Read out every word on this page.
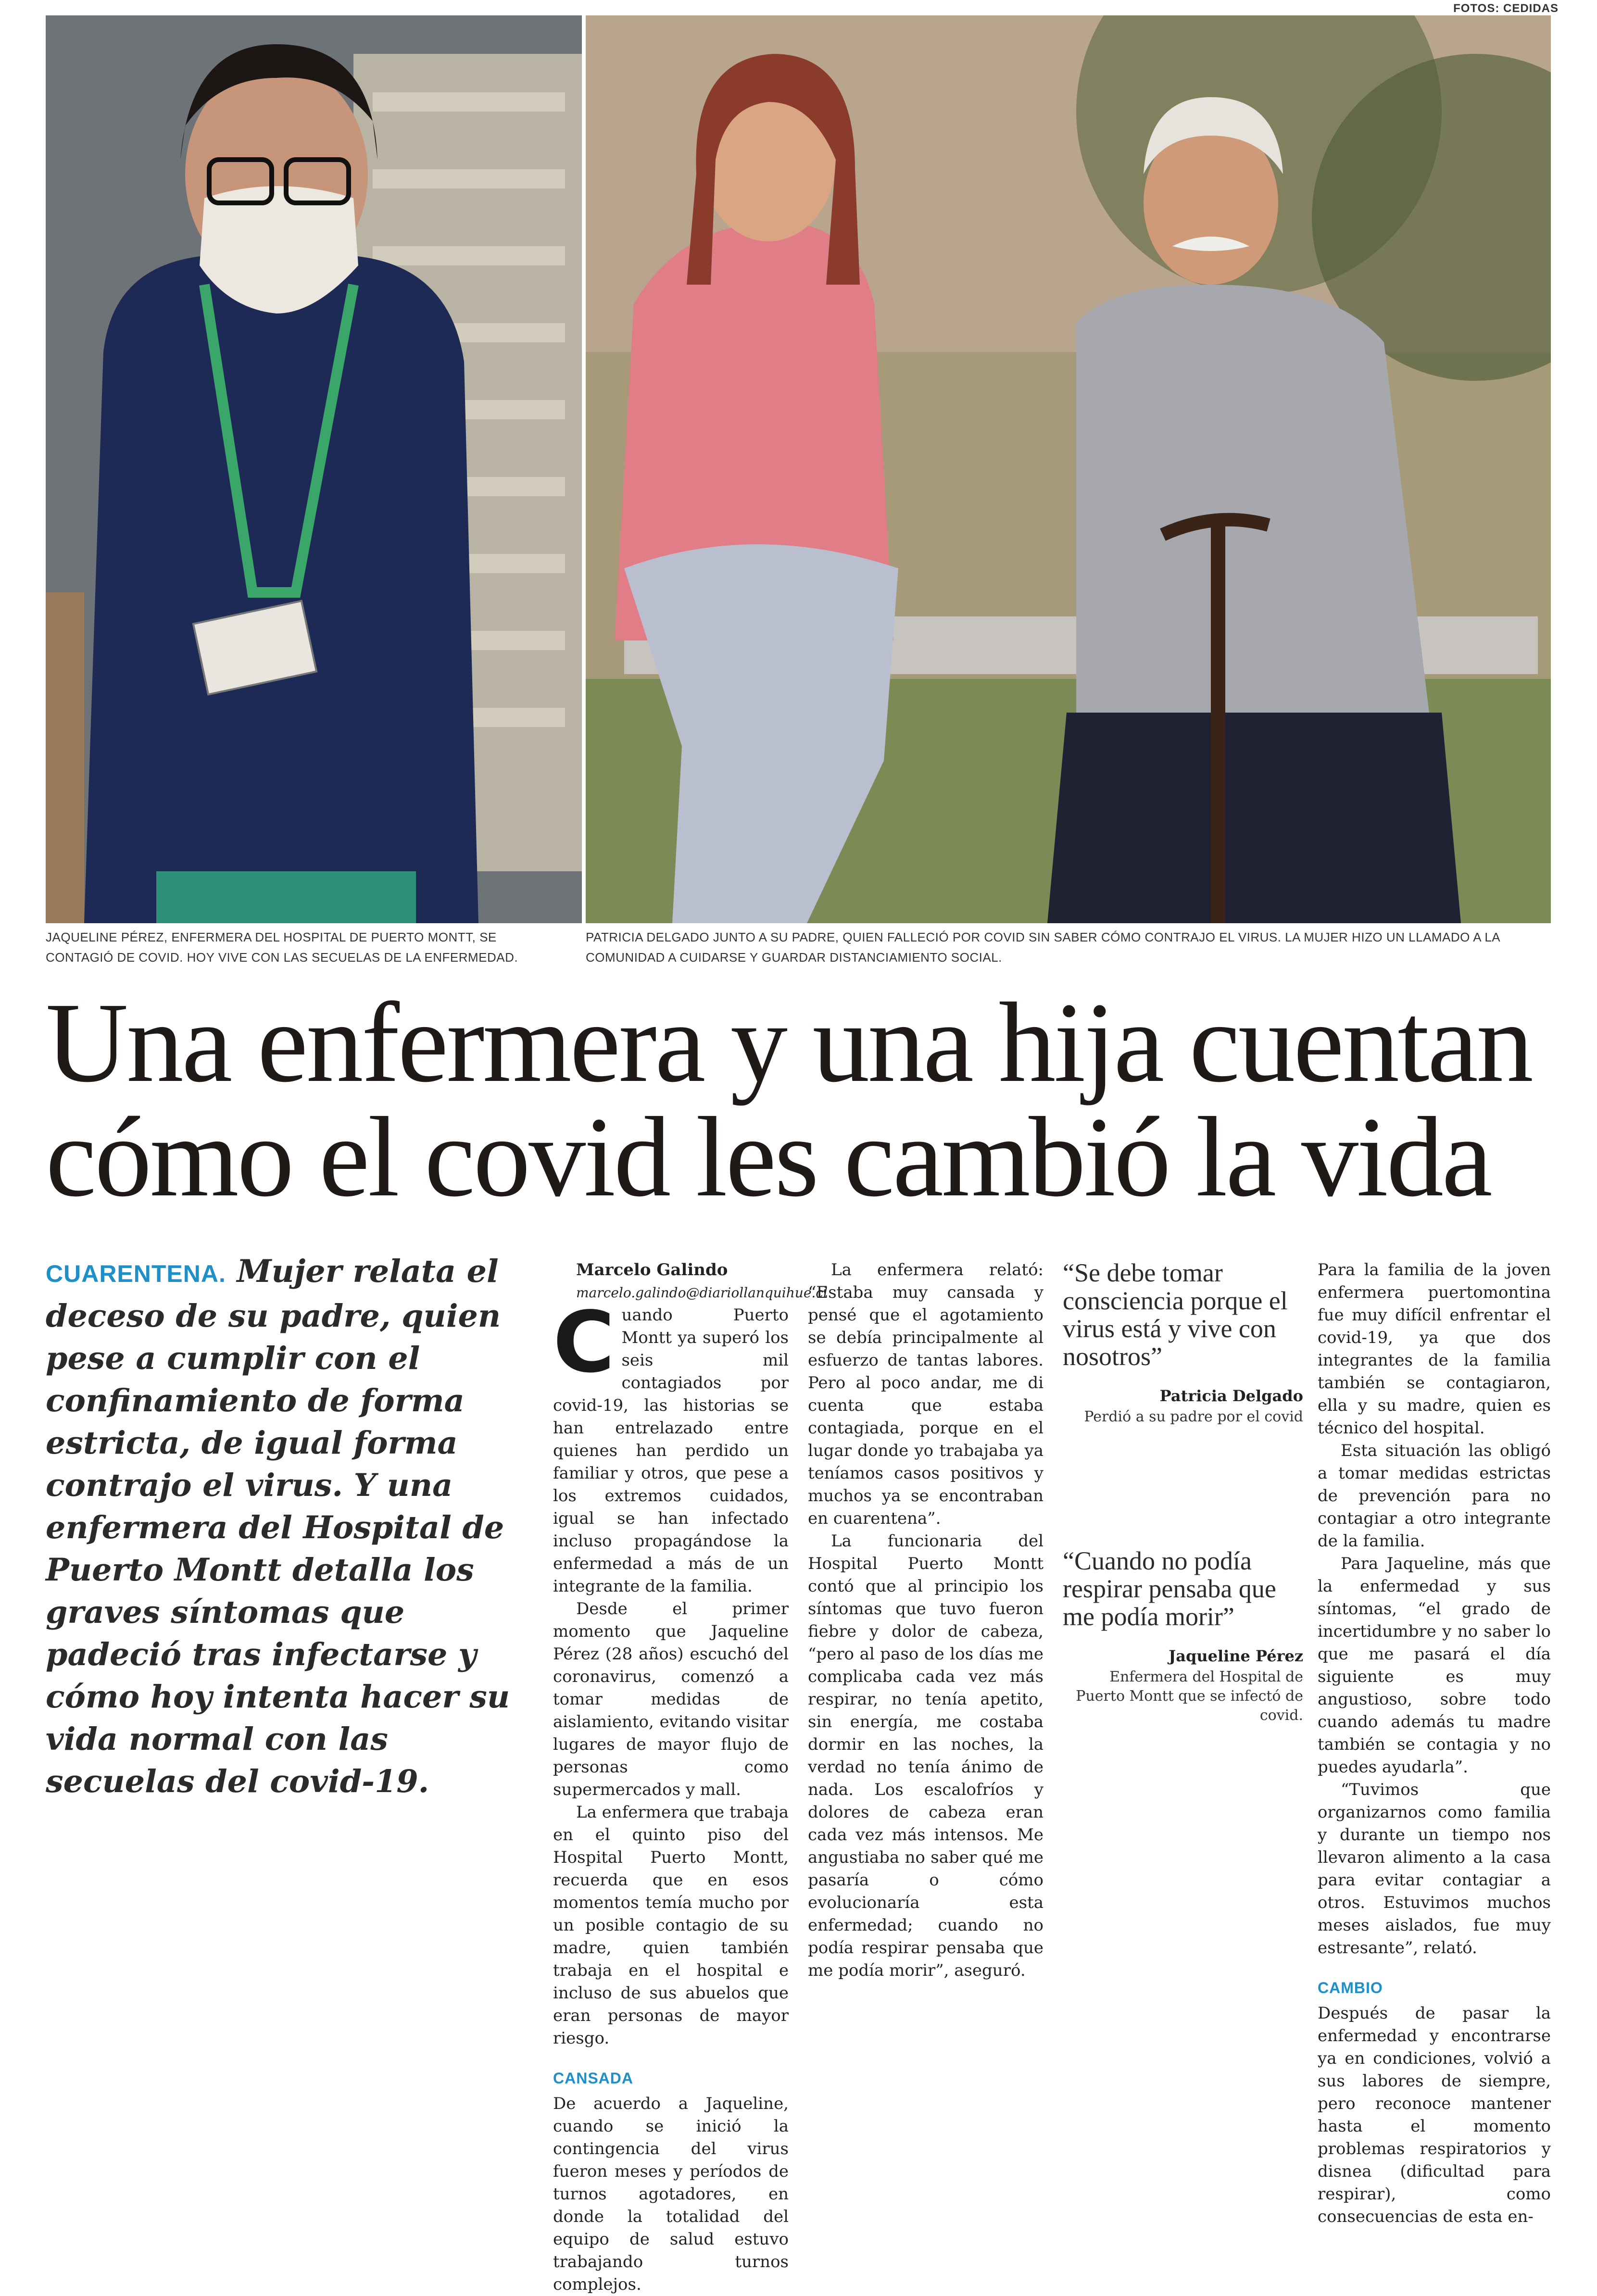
FOTOS: CEDIDAS
JAQUELINE PÉREZ, ENFERMERA DEL HOSPITAL DE PUERTO MONTT, SE CONTAGIÓ DE COVID. HOY VIVE CON LAS SECUELAS DE LA ENFERMEDAD.
PATRICIA DELGADO JUNTO A SU PADRE, QUIEN FALLECIÓ POR COVID SIN SABER CÓMO CONTRAJO EL VIRUS. LA MUJER HIZO UN LLAMADO A LA COMUNIDAD A CUIDARSE Y GUARDAR DISTANCIAMIENTO SOCIAL.
Una enfermera y una hija cuentan
cómo el covid les cambió la vida
CUARENTENA. Mujer relata el deceso de su padre, quien pese a cumplir con el confinamiento de forma estricta, de igual forma contrajo el virus. Y una enfermera del Hospital de Puerto Montt detalla los graves síntomas que padeció tras infectarse y cómo hoy intenta hacer su vida normal con las secuelas del covid-19.

Marcelo Galindo

marcelo.galindo@diariollanquihue.cl

Cuando Puerto Montt ya superó los seis mil contagiados por covid-19, las historias se han entrelazado entre quienes han perdido un familiar y otros, que pese a los extremos cuidados, igual se han infectado incluso propagándose la enfermedad a más de un integrante de la familia.

Desde el primer momento que Jaqueline Pérez (28 años) escuchó del coronavirus, comenzó a tomar medidas de aislamiento, evitando visitar lugares de mayor flujo de personas como supermercados y mall.

La enfermera que trabaja en el quinto piso del Hospital Puerto Montt, recuerda que en esos momentos temía mucho por un posible contagio de su madre, quien también trabaja en el hospital e incluso de sus abuelos que eran personas de mayor riesgo.

CANSADA

De acuerdo a Jaqueline, cuando se inició la contingencia del virus fueron meses y períodos de turnos agotadores, en donde la totalidad del equipo de salud estuvo trabajando turnos complejos.

La enfermera relató: “Estaba muy cansada y pensé que el agotamiento se debía principalmente al esfuerzo de tantas labores. Pero al poco andar, me di cuenta que estaba contagiada, porque en el lugar donde yo trabajaba ya teníamos casos positivos y muchos ya se encontraban en cuarentena”.

La funcionaria del Hospital Puerto Montt contó que al principio los síntomas que tuvo fueron fiebre y dolor de cabeza, “pero al paso de los días me complicaba cada vez más respirar, no tenía apetito, sin energía, me costaba dormir en las noches, la verdad no tenía ánimo de nada. Los escalofríos y dolores de cabeza eran cada vez más intensos. Me angustiaba no saber qué me pasaría o cómo evolucionaría esta enfermedad; cuando no podía respirar pensaba que me podía morir”, aseguró.

“Se debe tomar consciencia porque el virus está y vive con nosotros”
Patricia Delgado
Perdió a su padre por el covid
“Cuando no podía respirar pensaba que me podía morir”
Jaqueline Pérez
Enfermera del Hospital de Puerto Montt que se infectó de covid.

Para la familia de la joven enfermera puertomontina fue muy difícil enfrentar el covid-19, ya que dos integrantes de la familia también se contagiaron, ella y su madre, quien es técnico del hospital.

Esta situación las obligó a tomar medidas estrictas de prevención para no contagiar a otro integrante de la familia.

Para Jaqueline, más que la enfermedad y sus síntomas, “el grado de incertidumbre y no saber lo que me pasará el día siguiente es muy angustioso, sobre todo cuando además tu madre también se contagia y no puedes ayudarla”.

“Tuvimos que organizarnos como familia y durante un tiempo nos llevaron alimento a la casa para evitar contagiar a otros. Estuvimos muchos meses aislados, fue muy estresante”, relató.

CAMBIO

Después de pasar la enfermedad y encontrarse ya en condiciones, volvió a sus labores de siempre, pero reconoce mantener hasta el momento problemas respiratorios y disnea (dificultad para respirar), como consecuencias de esta en-
